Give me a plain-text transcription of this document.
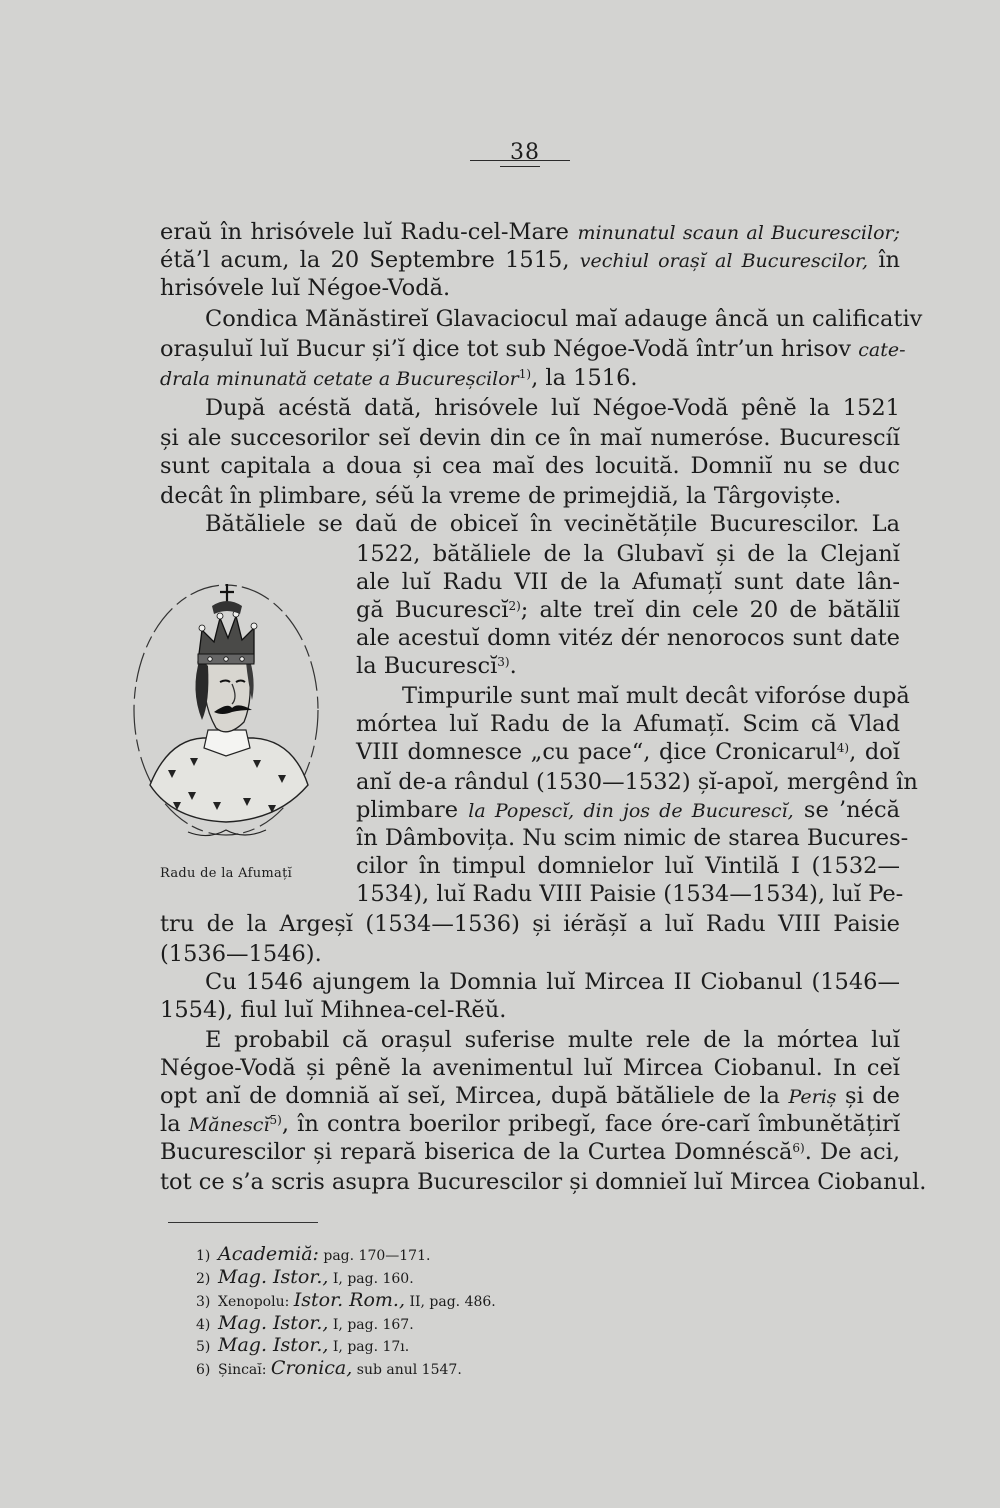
38
eraŭ în hrisóvele luĭ Radu-cel-Mare minunatul scaun al Bucurescilor;
étă’l acum, la 20 Septembre 1515, vechiul orașĭ al Bucurescilor, în
hrisóvele luĭ Négoe-Vodă.
Condica Mănăstireĭ Glavaciocul maĭ adauge âncă un calificativ
orașuluĭ luĭ Bucur și’ĭ ḑice tot sub Négoe-Vodă într’un hrisov cate-
drala minunată cetate a Bucureșcilor$^{1)}$, la 1516.
După acéstă dată, hrisóvele luĭ Négoe-Vodă pênĕ la 1521
și ale succesorilor seĭ devin din ce în maĭ numeróse. Bucurescíĭ
sunt capitala a doua și cea maĭ des locuită. Domniĭ nu se duc
decât în plimbare, séŭ la vreme de primejdiă, la Târgoviște.
Bătăliele se daŭ de obiceĭ în vecinĕtățile Bucurescilor. La
1522, bătăliele de la Glubavĭ și de la Clejanĭ
ale luĭ Radu VII de la Afumațĭ sunt date lân-
gă Bucurescĭ$^{2)}$; alte treĭ din cele 20 de bătăliĭ
ale acestuĭ domn vitéz dér nenorocos sunt date
la Bucurescĭ$^{3)}$.
Timpurile sunt maĭ mult decât viforóse după
mórtea luĭ Radu de la Afumațĭ. Scim că Vlad
VIII domnesce „cu pace“, ḑice Cronicarul$^{4)}$, doĭ
anĭ de-a rândul (1530—1532) șĭ-apoĭ, mergênd în
plimbare la Popescĭ, din jos de Bucurescĭ, se ’nécă
în Dâmbovița. Nu scim nimic de starea Bucures-
cilor în timpul domnielor luĭ Vintilă I (1532—
1534), luĭ Radu VIII Paisie (1534—1534), luĭ Pe-
tru de la Argeșĭ (1534—1536) și iérășĭ a luĭ Radu VIII Paisie
(1536—1546).
Cu 1546 ajungem la Domnia luĭ Mircea II Ciobanul (1546—
1554), fiul luĭ Mihnea-cel-Rĕŭ.
E probabil că orașul suferise multe rele de la mórtea luĭ
Négoe-Vodă și pênĕ la avenimentul luĭ Mircea Ciobanul. In ceĭ
opt anĭ de domniă aĭ seĭ, Mircea, după bătăliele de la Periș și de
la Mănescĭ$^{5)}$, în contra boerilor pribegĭ, face óre-carĭ îmbunĕtățirĭ
Bucurescilor și repară biserica de la Curtea Domnéscă$^{6)}$. De aci,
tot ce s’a scris asupra Bucurescilor și domnieĭ luĭ Mircea Ciobanul.
Radu de la Afumațĭ
1) Academiă: pag. 170—171.
2) Mag. Istor., I, pag. 160.
3) Xenopolu: Istor. Rom., II, pag. 486.
4) Mag. Istor., I, pag. 167.
5) Mag. Istor., I, pag. 17ı.
6) Șincaĭ: Cronica, sub anul 1547.
